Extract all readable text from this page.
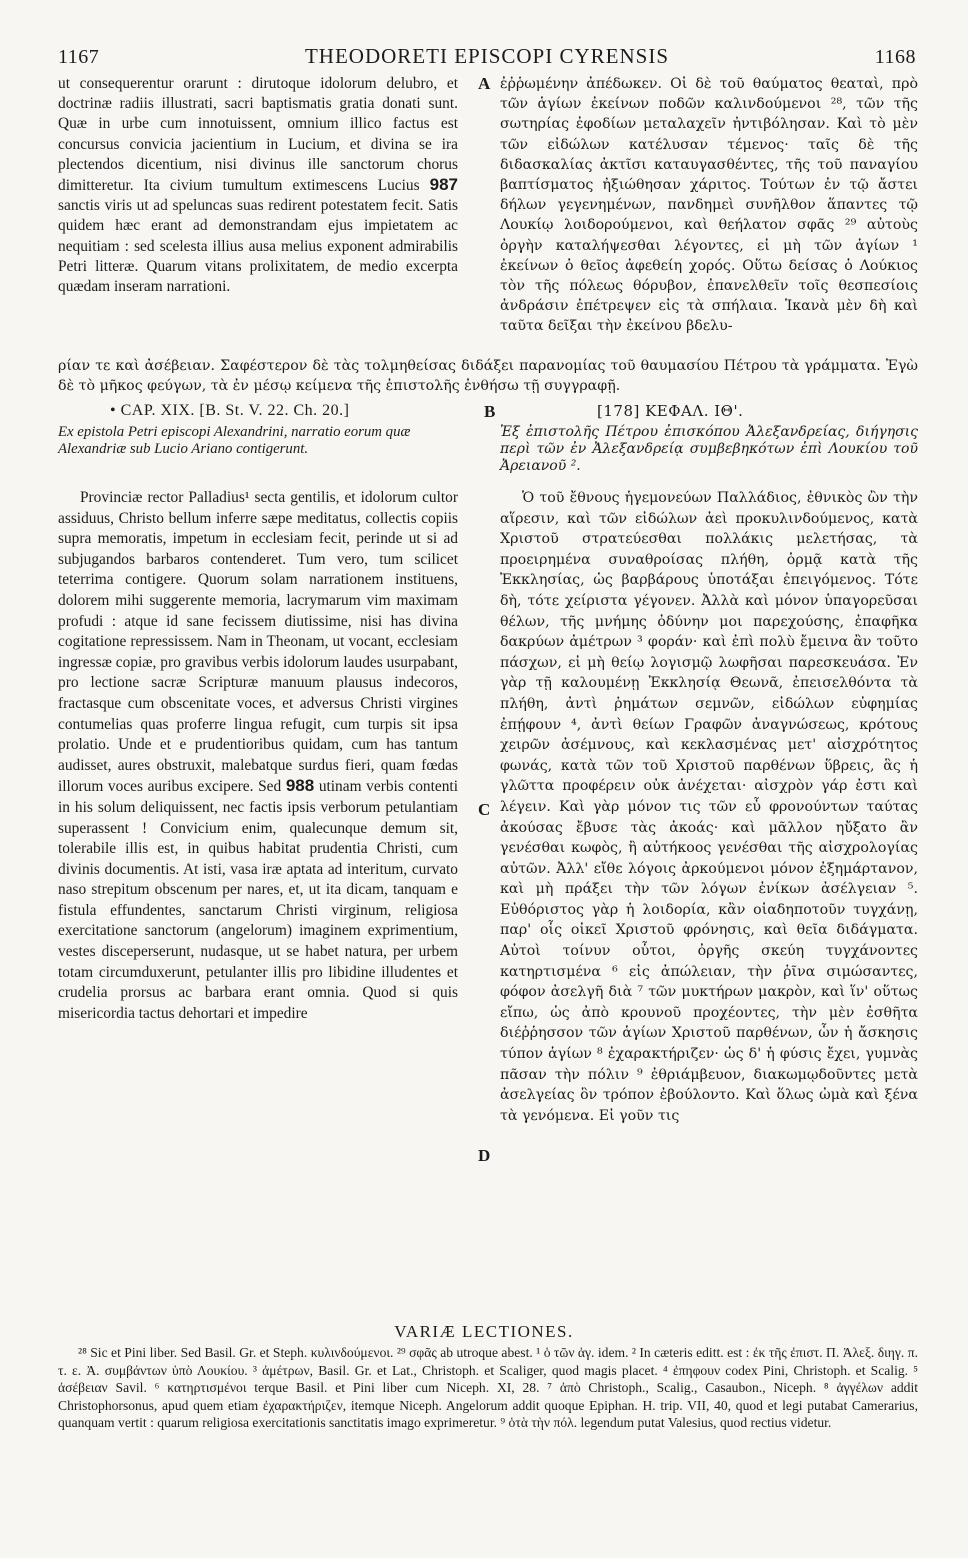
1167	THEODORETI EPISCOPI CYRENSIS	1168

ut consequerentur orarunt : dirutoque idolorum delubro, et doctrinæ radiis illustrati, sacri baptismatis gratia donati sunt. Quæ in urbe cum innotuissent, omnium illico factus est concursus convicia jacientium in Lucium, et divina se ira plectendos dicentium, nisi divinus ille sanctorum chorus dimitteretur. Ita civium tumultum extimescens Lucius 987 sanctis viris ut ad speluncas suas redirent potestatem fecit. Satis quidem hæc erant ad demonstrandam ejus impietatem ac nequitiam : sed scelesta illius ausa melius exponent admirabilis Petri litteræ. Quarum vitans prolixitatem, de medio excerpta quædam inseram narrationi.

A ἐῤῥωμένην ἀπέδωκεν. Οἱ δὲ τοῦ θαύματος θεαταὶ, πρὸ τῶν ἁγίων ἐκείνων ποδῶν καλινδούμενοι ²⁸, τῶν τῆς σωτηρίας ἐφοδίων μεταλαχεῖν ἠντιβόλησαν. Καὶ τὸ μὲν τῶν εἰδώλων κατέλυσαν τέμενος· ταῖς δὲ τῆς διδασκαλίας ἀκτῖσι καταυγασθέντες, τῆς τοῦ παναγίου βαπτίσματος ἠξιώθησαν χάριτος. Τούτων ἐν τῷ ἄστει δήλων γεγενημένων, πανδημεὶ συνῆλθον ἅπαντες τῷ Λουκίῳ λοιδορούμενοι, καὶ θεήλατον σφᾶς ²⁹ αὐτοὺς ὀργὴν καταλήψεσθαι λέγοντες, εἰ μὴ τῶν ἁγίων ¹ ἐκείνων ὁ θεῖος ἀφεθείη χορός. Οὕτω δείσας ὁ Λούκιος τὸν τῆς πόλεως θόρυβον, ἐπανελθεῖν τοῖς θεσπεσίοις ἀνδράσιν ἐπέτρεψεν εἰς τὰ σπήλαια. Ἱκανὰ μὲν δὴ καὶ ταῦτα δεῖξαι τὴν ἐκείνου βδελυ-

ρίαν τε καὶ ἀσέβειαν. Σαφέστερον δὲ τὰς τολμηθείσας διδάξει παρανομίας τοῦ θαυμασίου Πέτρου τὰ γράμματα. Ἐγὼ δὲ τὸ μῆκος φεύγων, τὰ ἐν μέσῳ κείμενα τῆς ἐπιστολῆς ἐνθήσω τῇ συγγραφῇ.

• CAP. XIX. [B. St. V. 22. Ch. 20.]	B	[178] ΚΕΦΑΛ. ΙΘ'.
Ex epistola Petri episcopi Alexandrini, narratio eorum quæ Alexandriæ sub Lucio Ariano contigerunt.
Ἐξ ἐπιστολῆς Πέτρου ἐπισκόπου Ἀλεξανδρείας, διήγησις περὶ τῶν ἐν Ἀλεξανδρείᾳ συμβεβηκότων ἐπὶ Λουκίου τοῦ Ἀρειανοῦ ².

Provinciæ rector Palladius¹ secta gentilis, et idolorum cultor assiduus, Christo bellum inferre sæpe meditatus, collectis copiis supra memoratis, impetum in ecclesiam fecit, perinde ut si ad subjugandos barbaros contenderet. Tum vero, tum scilicet teterrima contigere. Quorum solam narrationem instituens, dolorem mihi suggerente memoria, lacrymarum vim maximam profudi : atque id sane fecissem diutissime, nisi has divina cogitatione repressissem. Nam in Theonam, ut vocant, ecclesiam ingressæ copiæ, pro gravibus verbis idolorum laudes usurpabant, pro lectione sacræ Scripturæ manuum plausus indecoros, fractasque cum obscenitate voces, et adversus Christi virgines contumelias quas proferre lingua refugit, cum turpis sit ipsa prolatio. Unde et e prudentioribus quidam, cum has tantum audisset, aures obstruxit, malebatque surdus fieri, quam fœdas illorum voces auribus excipere. Sed 988 utinam verbis contenti in his solum deliquissent, nec factis ipsis verborum petulantiam superassent ! Convicium enim, qualecunque demum sit, tolerabile illis est, in quibus habitat prudentia Christi, cum divinis documentis. At isti, vasa iræ aptata ad interitum, curvato naso strepitum obscenum per nares, et, ut ita dicam, tanquam e fistula effundentes, sanctarum Christi virginum, religiosa exercitatione sanctorum (angelorum) imaginem exprimentium, vestes disceperserunt, nudasque, ut se habet natura, per urbem totam circumduxerunt, petulanter illis pro libidine illudentes et crudelia prorsus ac barbara erant omnia. Quod si quis misericordia tactus dehortari et impedire

C
D

Ὁ τοῦ ἔθνους ἡγεμονεύων Παλλάδιος, ἐθνικὸς ὢν τὴν αἵρεσιν, καὶ τῶν εἰδώλων ἀεὶ προκυλινδούμενος, κατὰ Χριστοῦ στρατεύεσθαι πολλάκις μελετήσας, τὰ προειρημένα συναθροίσας πλήθη, ὁρμᾷ κατὰ τῆς Ἐκκλησίας, ὡς βαρβάρους ὑποτάξαι ἐπειγόμενος. Τότε δὴ, τότε χείριστα γέγονεν. Ἀλλὰ καὶ μόνον ὑπαγορεῦσαι θέλων, τῆς μνήμης ὀδύνην μοι παρεχούσης, ἐπαφῆκα δακρύων ἀμέτρων ³ φοράν· καὶ ἐπὶ πολὺ ἔμεινα ἂν τοῦτο πάσχων, εἰ μὴ θείῳ λογισμῷ λωφῆσαι παρεσκευάσα. Ἐν γὰρ τῇ καλουμένῃ Ἐκκλησίᾳ Θεωνᾶ, ἐπεισελθόντα τὰ πλήθη, ἀντὶ ῥημάτων σεμνῶν, εἰδώλων εὐφημίας ἐπῄφουν ⁴, ἀντὶ θείων Γραφῶν ἀναγνώσεως, κρότους χειρῶν ἀσέμνους, καὶ κεκλασμένας μετ' αἰσχρότητος φωνάς, κατὰ τῶν τοῦ Χριστοῦ παρθένων ὕβρεις, ἃς ἡ γλῶττα προφέρειν οὐκ ἀνέχεται· αἰσχρὸν γάρ ἐστι καὶ λέγειν. Καὶ γὰρ μόνον τις τῶν εὖ φρονούντων ταύτας ἀκούσας ἔβυσε τὰς ἀκοάς· καὶ μᾶλλον ηὔξατο ἂν γενέσθαι κωφὸς, ἢ αὐτήκοος γενέσθαι τῆς αἰσχρολογίας αὐτῶν. Ἀλλ' εἴθε λόγοις ἀρκούμενοι μόνον ἐξημάρτανον, καὶ μὴ πράξει τὴν τῶν λόγων ἐνίκων ἀσέλγειαν ⁵. Εὐθόριστος γὰρ ἡ λοιδορία, κἂν οἱαδηποτοῦν τυγχάνῃ, παρ' οἷς οἰκεῖ Χριστοῦ φρόνησις, καὶ θεῖα διδάγματα. Αὐτοὶ τοίνυν οὗτοι, ὀργῆς σκεύη τυγχάνοντες κατηρτισμένα ⁶ εἰς ἀπώλειαν, τὴν ῥῖνα σιμώσαντες, φόφον ἀσελγῆ διὰ ⁷ τῶν μυκτήρων μακρὸν, καὶ ἵν' οὕτως εἴπω, ὡς ἀπὸ κρουνοῦ προχέοντες, τὴν μὲν ἐσθῆτα διέῤῥησσον τῶν ἁγίων Χριστοῦ παρθένων, ὧν ἡ ἄσκησις τύπον ἁγίων ⁸ ἐχαρακτήριζεν· ὡς δ' ἡ φύσις ἔχει, γυμνὰς πᾶσαν τὴν πόλιν ⁹ ἐθριάμβευον, διακωμῳδοῦντες μετὰ ἀσελγείας ὃν τρόπον ἐβούλοντο. Καὶ ὅλως ὠμὰ καὶ ξένα τὰ γενόμενα. Εἰ γοῦν τις

VARIÆ LECTIONES.

²⁸ Sic et Pini liber. Sed Basil. Gr. et Steph. κυλινδούμενοι. ²⁹ σφᾶς ab utroque abest. ¹ ὁ τῶν ἁγ. idem. ² In cæteris editt. est : ἐκ τῆς ἐπιστ. Π. Ἀλεξ. διηγ. π. τ. ε. Ἀ. συμβάντων ὑπὸ Λουκίου. ³ ἀμέτρων, Basil. Gr. et Lat., Christoph. et Scaliger, quod magis placet. ⁴ ἐπηφουν codex Pini, Christoph. et Scalig. ⁵ ἀσέβειαν Savil. ⁶ κατηρτισμένοι terque Basil. et Pini liber cum Niceph. XI, 28. ⁷ ἀπὸ Christoph., Scalig., Casaubon., Niceph. ⁸ ἀγγέλων addit Christophorsonus, apud quem etiam ἐχαρακτήριζεν, itemque Niceph. Angelorum addit quoque Epiphan. H. trip. VII, 40, quod et legi putabat Camerarius, quanquam vertit : quarum religiosa exercitationis sanctitatis imago exprimeretur. ⁹ ὁτὰ τὴν πόλ. legendum putat Valesius, quod rectius videtur.
